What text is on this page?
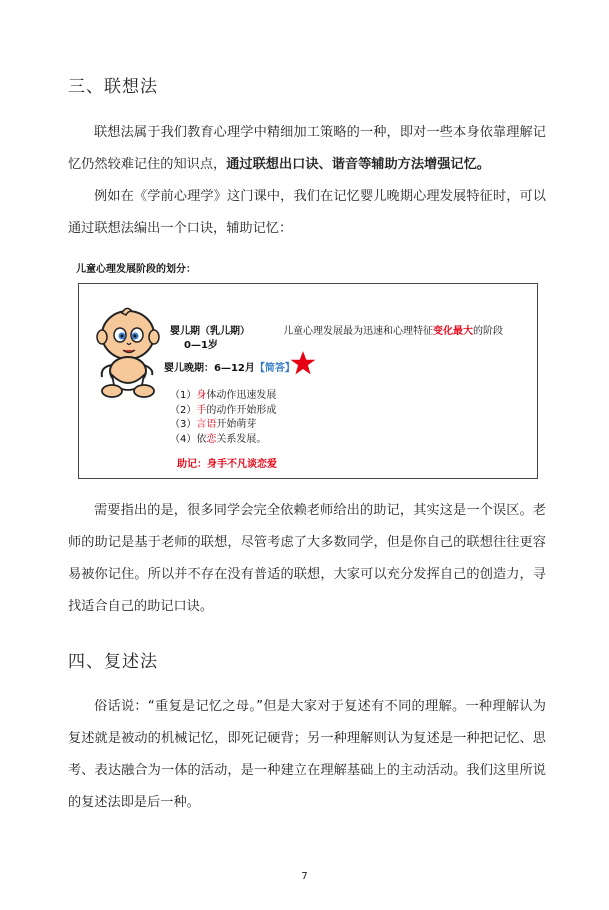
三、联想法

联想法属于我们教育心理学中精细加工策略的一种，即对一些本身依靠理解记忆仍然较难记住的知识点，通过联想出口诀、谐音等辅助方法增强记忆。

例如在《学前心理学》这门课中，我们在记忆婴儿晚期心理发展特征时，可以通过联想法编出一个口诀，辅助记忆：

儿童心理发展阶段的划分：
婴儿期（乳儿期）
0—1岁
儿童心理发展最为迅速和心理特征变化最大的阶段
婴儿晚期：6—12月【简答】
（1）身体动作迅速发展
（2）手的动作开始形成
（3）言语开始萌芽
（4）依恋关系发展。
助记：身手不凡谈恋爱

需要指出的是，很多同学会完全依赖老师给出的助记，其实这是一个误区。老师的助记是基于老师的联想，尽管考虑了大多数同学，但是你自己的联想往往更容易被你记住。所以并不存在没有普适的联想，大家可以充分发挥自己的创造力，寻找适合自己的助记口诀。

四、复述法

俗话说：“重复是记忆之母。”但是大家对于复述有不同的理解。一种理解认为复述就是被动的机械记忆，即死记硬背；另一种理解则认为复述是一种把记忆、思考、表达融合为一体的活动，是一种建立在理解基础上的主动活动。我们这里所说的复述法即是后一种。

7
